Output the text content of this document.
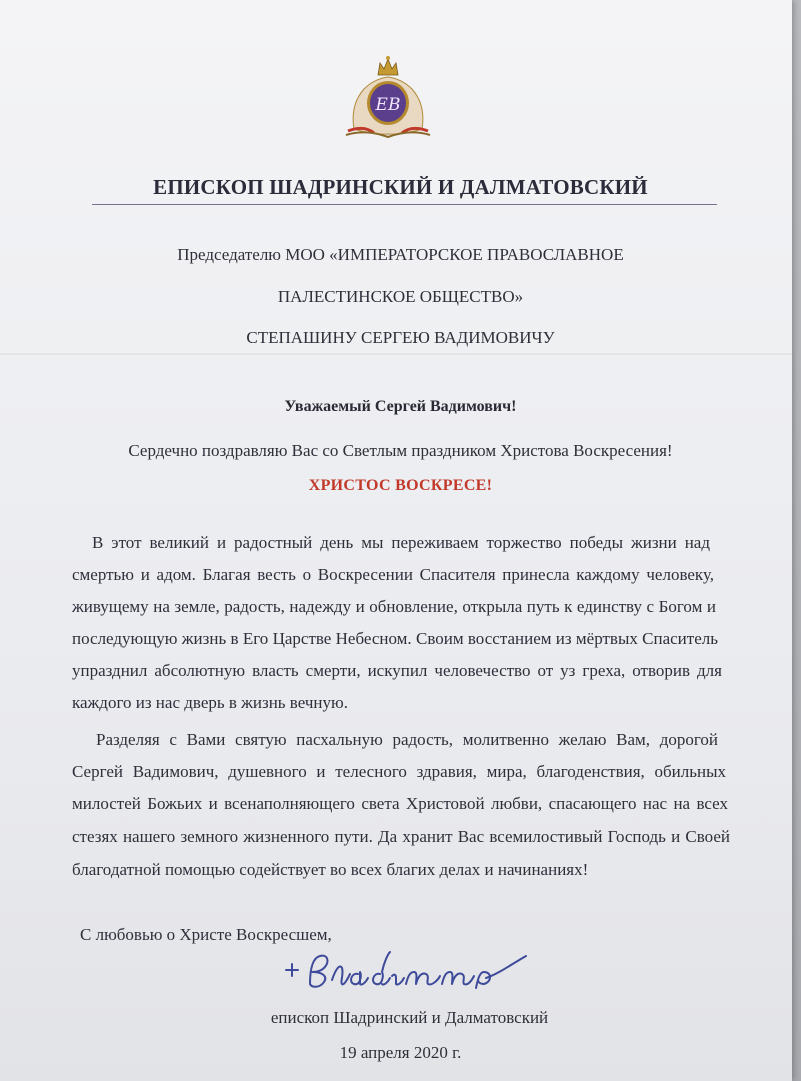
ЕВ
ЕПИСКОП ШАДРИНСКИЙ И ДАЛМАТОВСКИЙ
Председателю МОО «ИМПЕРАТОРСКОЕ ПРАВОСЛАВНОЕ
ПАЛЕСТИНСКОЕ ОБЩЕСТВО»
СТЕПАШИНУ СЕРГЕЮ ВАДИМОВИЧУ
Уважаемый Сергей Вадимович!
Сердечно поздравляю Вас со Светлым праздником Христова Воскресения!
ХРИСТОС ВОСКРЕСЕ!
В этот великий и радостный день мы переживаем торжество победы жизни над
смертью и адом. Благая весть о Воскресении Спасителя принесла каждому человеку,
живущему на земле, радость, надежду и обновление, открыла путь к единству с Богом и
последующую жизнь в Его Царстве Небесном. Своим восстанием из мёртвых Спаситель
упразднил абсолютную власть смерти, искупил человечество от уз греха, отворив для
каждого из нас дверь в жизнь вечную.
Разделяя с Вами святую пасхальную радость, молитвенно желаю Вам, дорогой
Сергей Вадимович, душевного и телесного здравия, мира, благоденствия, обильных
милостей Божьих и всенаполняющего света Христовой любви, спасающего нас на всех
стезях нашего земного жизненного пути. Да хранит Вас всемилостивый Господь и Своей
благодатной помощью содействует во всех благих делах и начинаниях!
С любовью о Христе Воскресшем,
епископ Шадринский и Далматовский
19 апреля 2020 г.
